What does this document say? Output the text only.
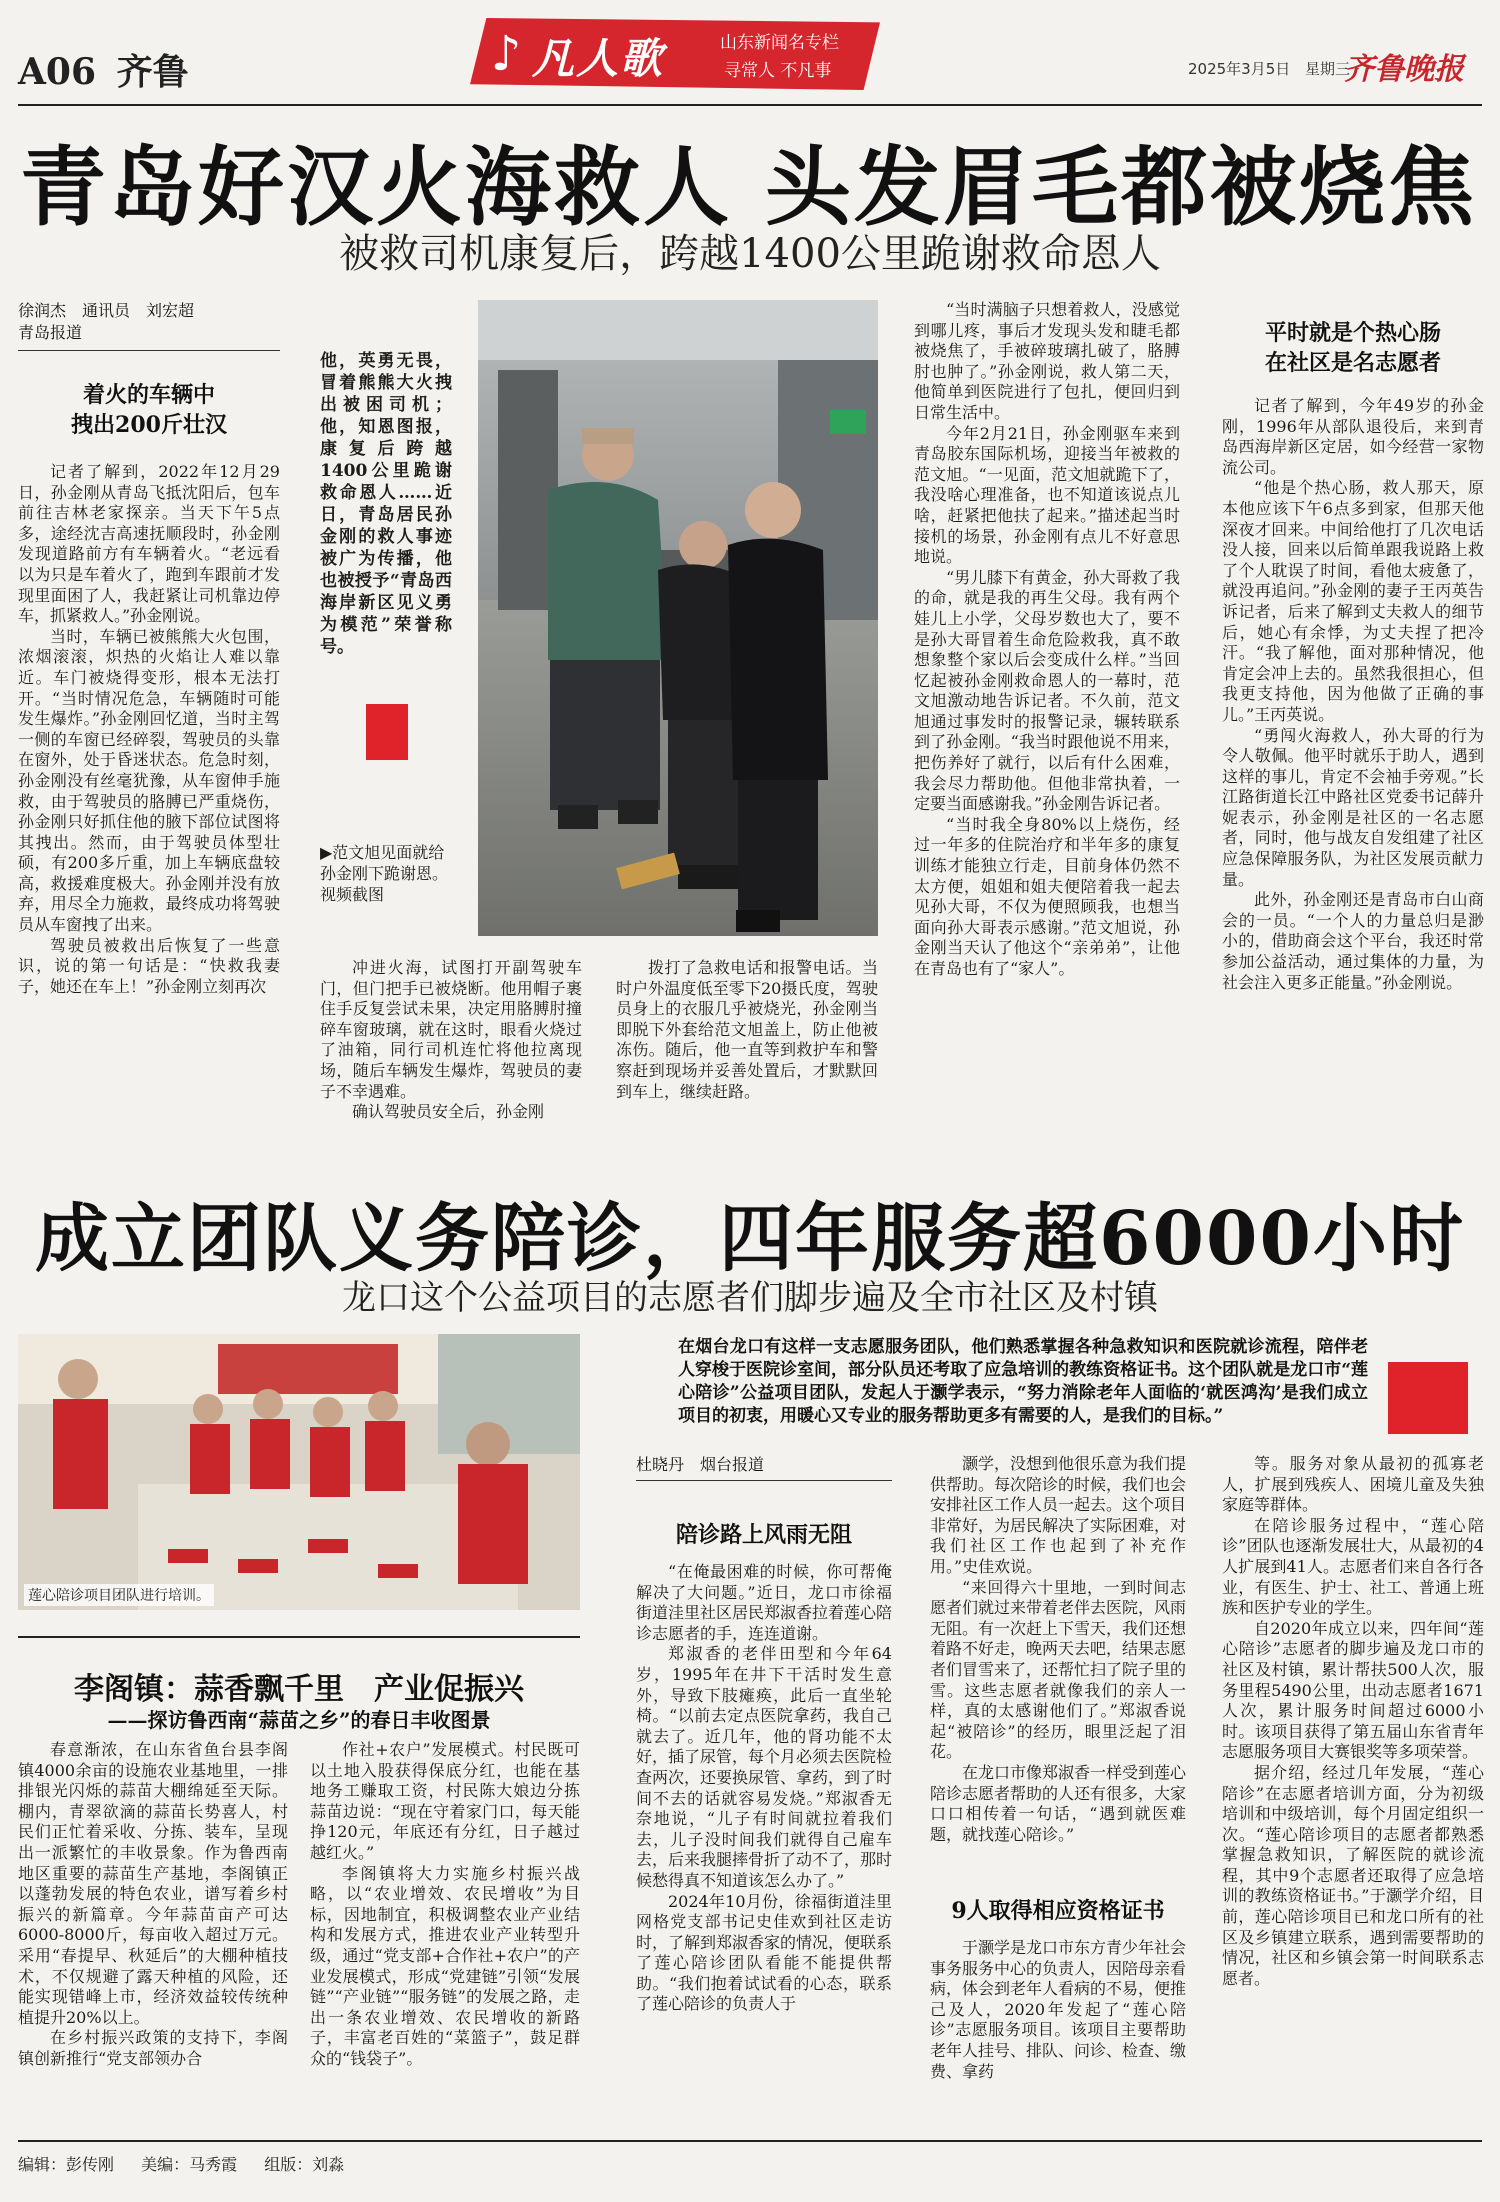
A06 齐鲁	♪ 凡人歌	山东新闻名专栏
寻常人 不凡事	2025年3月5日 星期三
齐鲁晚报
青岛好汉火海救人 头发眉毛都被烧焦
被救司机康复后，跨越1400公里跪谢救命恩人
徐润杰　通讯员　刘宏超
青岛报道
着火的车辆中
拽出200斤壮汉

记者了解到，2022年12月29日，孙金刚从青岛飞抵沈阳后，包车前往吉林老家探亲。当天下午5点多，途经沈吉高速抚顺段时，孙金刚发现道路前方有车辆着火。“老远看以为只是车着火了，跑到车跟前才发现里面困了人，我赶紧让司机靠边停车，抓紧救人。”孙金刚说。

当时，车辆已被熊熊大火包围，浓烟滚滚，炽热的火焰让人难以靠近。车门被烧得变形，根本无法打开。“当时情况危急，车辆随时可能发生爆炸。”孙金刚回忆道，当时主驾一侧的车窗已经碎裂，驾驶员的头靠在窗外，处于昏迷状态。危急时刻，孙金刚没有丝毫犹豫，从车窗伸手施救，由于驾驶员的胳膊已严重烧伤，孙金刚只好抓住他的腋下部位试图将其拽出。然而，由于驾驶员体型壮硕，有200多斤重，加上车辆底盘较高，救援难度极大。孙金刚并没有放弃，用尽全力施救，最终成功将驾驶员从车窗拽了出来。

驾驶员被救出后恢复了一些意识，说的第一句话是：“快救我妻子，她还在车上！”孙金刚立刻再次

他，英勇无畏，冒着熊熊大火拽出被困司机；他，知恩图报，康复后跨越1400公里跪谢救命恩人……近日，青岛居民孙金刚的救人事迹被广为传播，他也被授予“青岛西海岸新区见义勇为模范”荣誉称号。
▶范文旭见面就给孙金刚下跪谢恩。视频截图

冲进火海，试图打开副驾驶车门，但门把手已被烧断。他用帽子裹住手反复尝试未果，决定用胳膊肘撞碎车窗玻璃，就在这时，眼看火烧过了油箱，同行司机连忙将他拉离现场，随后车辆发生爆炸，驾驶员的妻子不幸遇难。

确认驾驶员安全后，孙金刚

拨打了急救电话和报警电话。当时户外温度低至零下20摄氏度，驾驶员身上的衣服几乎被烧光，孙金刚当即脱下外套给范文旭盖上，防止他被冻伤。随后，他一直等到救护车和警察赶到现场并妥善处置后，才默默回到车上，继续赶路。

“当时满脑子只想着救人，没感觉到哪儿疼，事后才发现头发和睫毛都被烧焦了，手被碎玻璃扎破了，胳膊肘也肿了。”孙金刚说，救人第二天，他简单到医院进行了包扎，便回归到日常生活中。

今年2月21日，孙金刚驱车来到青岛胶东国际机场，迎接当年被救的范文旭。“一见面，范文旭就跪下了，我没啥心理准备，也不知道该说点儿啥，赶紧把他扶了起来。”描述起当时接机的场景，孙金刚有点儿不好意思地说。

“男儿膝下有黄金，孙大哥救了我的命，就是我的再生父母。我有两个娃儿上小学，父母岁数也大了，要不是孙大哥冒着生命危险救我，真不敢想象整个家以后会变成什么样。”当回忆起被孙金刚救命恩人的一幕时，范文旭激动地告诉记者。不久前，范文旭通过事发时的报警记录，辗转联系到了孙金刚。“我当时跟他说不用来，把伤养好了就行，以后有什么困难，我会尽力帮助他。但他非常执着，一定要当面感谢我。”孙金刚告诉记者。

“当时我全身80%以上烧伤，经过一年多的住院治疗和半年多的康复训练才能独立行走，目前身体仍然不太方便，姐姐和姐夫便陪着我一起去见孙大哥，不仅为便照顾我，也想当面向孙大哥表示感谢。”范文旭说，孙金刚当天认了他这个“亲弟弟”，让他在青岛也有了“家人”。

平时就是个热心肠
在社区是名志愿者

记者了解到，今年49岁的孙金刚，1996年从部队退役后，来到青岛西海岸新区定居，如今经营一家物流公司。

“他是个热心肠，救人那天，原本他应该下午6点多到家，但那天他深夜才回来。中间给他打了几次电话没人接，回来以后简单跟我说路上救了个人耽误了时间，看他太疲惫了，就没再追问。”孙金刚的妻子王丙英告诉记者，后来了解到丈夫救人的细节后，她心有余悸，为丈夫捏了把冷汗。“我了解他，面对那种情况，他肯定会冲上去的。虽然我很担心，但我更支持他，因为他做了正确的事儿。”王丙英说。

“勇闯火海救人，孙大哥的行为令人敬佩。他平时就乐于助人，遇到这样的事儿，肯定不会袖手旁观。”长江路街道长江中路社区党委书记薛升妮表示，孙金刚是社区的一名志愿者，同时，他与战友自发组建了社区应急保障服务队，为社区发展贡献力量。

此外，孙金刚还是青岛市白山商会的一员。“一个人的力量总归是渺小的，借助商会这个平台，我还时常参加公益活动，通过集体的力量，为社会注入更多正能量。”孙金刚说。

成立团队义务陪诊，四年服务超6000小时
龙口这个公益项目的志愿者们脚步遍及全市社区及村镇
莲心陪诊项目团队进行培训。
在烟台龙口有这样一支志愿服务团队，他们熟悉掌握各种急救知识和医院就诊流程，陪伴老人穿梭于医院诊室间，部分队员还考取了应急培训的教练资格证书。这个团队就是龙口市“莲心陪诊”公益项目团队，发起人于灏学表示，“努力消除老年人面临的‘就医鸿沟’是我们成立项目的初衷，用暖心又专业的服务帮助更多有需要的人，是我们的目标。”
杜晓丹　烟台报道
陪诊路上风雨无阻

“在俺最困难的时候，你可帮俺解决了大问题。”近日，龙口市徐福街道洼里社区居民郑淑香拉着莲心陪诊志愿者的手，连连道谢。

郑淑香的老伴田型和今年64岁，1995年在井下干活时发生意外，导致下肢瘫痪，此后一直坐轮椅。“以前去定点医院拿药，我自己就去了。近几年，他的肾功能不太好，插了尿管，每个月必须去医院检查两次，还要换尿管、拿药，到了时间不去的话就容易发烧。”郑淑香无奈地说，“儿子有时间就拉着我们去，儿子没时间我们就得自己雇车去，后来我腿摔骨折了动不了，那时候愁得真不知道该怎么办了。”

2024年10月份，徐福街道洼里网格党支部书记史佳欢到社区走访时，了解到郑淑香家的情况，便联系了莲心陪诊团队看能不能提供帮助。“我们抱着试试看的心态，联系了莲心陪诊的负责人于

灏学，没想到他很乐意为我们提供帮助。每次陪诊的时候，我们也会安排社区工作人员一起去。这个项目非常好，为居民解决了实际困难，对我们社区工作也起到了补充作用。”史佳欢说。

“来回得六十里地，一到时间志愿者们就过来带着老伴去医院，风雨无阻。有一次赶上下雪天，我们还想着路不好走，晚两天去吧，结果志愿者们冒雪来了，还帮忙扫了院子里的雪。这些志愿者就像我们的亲人一样，真的太感谢他们了。”郑淑香说起“被陪诊”的经历，眼里泛起了泪花。

在龙口市像郑淑香一样受到莲心陪诊志愿者帮助的人还有很多，大家口口相传着一句话，“遇到就医难题，就找莲心陪诊。”

9人取得相应资格证书

于灏学是龙口市东方青少年社会事务服务中心的负责人，因陪母亲看病，体会到老年人看病的不易，便推己及人，2020年发起了“莲心陪诊”志愿服务项目。该项目主要帮助老年人挂号、排队、问诊、检查、缴费、拿药

等。服务对象从最初的孤寡老人，扩展到残疾人、困境儿童及失独家庭等群体。

在陪诊服务过程中，“莲心陪诊”团队也逐渐发展壮大，从最初的4人扩展到41人。志愿者们来自各行各业，有医生、护士、社工、普通上班族和医护专业的学生。

自2020年成立以来，四年间“莲心陪诊”志愿者的脚步遍及龙口市的社区及村镇，累计帮扶500人次，服务里程5490公里，出动志愿者1671人次，累计服务时间超过6000小时。该项目获得了第五届山东省青年志愿服务项目大赛银奖等多项荣誉。

据介绍，经过几年发展，“莲心陪诊”在志愿者培训方面，分为初级培训和中级培训，每个月固定组织一次。“莲心陪诊项目的志愿者都熟悉掌握急救知识，了解医院的就诊流程，其中9个志愿者还取得了应急培训的教练资格证书。”于灏学介绍，目前，莲心陪诊项目已和龙口所有的社区及乡镇建立联系，遇到需要帮助的情况，社区和乡镇会第一时间联系志愿者。

李阁镇：蒜香飘千里　产业促振兴
——探访鲁西南“蒜苗之乡”的春日丰收图景

春意渐浓，在山东省鱼台县李阁镇4000余亩的设施农业基地里，一排排银光闪烁的蒜苗大棚绵延至天际。棚内，青翠欲滴的蒜苗长势喜人，村民们正忙着采收、分拣、装车，呈现出一派繁忙的丰收景象。作为鲁西南地区重要的蒜苗生产基地，李阁镇正以蓬勃发展的特色农业，谱写着乡村振兴的新篇章。今年蒜苗亩产可达6000-8000斤，每亩收入超过万元。采用“春提早、秋延后”的大棚种植技术，不仅规避了露天种植的风险，还能实现错峰上市，经济效益较传统种植提升20%以上。

在乡村振兴政策的支持下，李阁镇创新推行“党支部领办合

作社+农户”发展模式。村民既可以土地入股获得保底分红，也能在基地务工赚取工资，村民陈大娘边分拣蒜苗边说：“现在守着家门口，每天能挣120元，年底还有分红，日子越过越红火。”

李阁镇将大力实施乡村振兴战略，以“农业增效、农民增收”为目标，因地制宜，积极调整农业产业结构和发展方式，推进农业产业转型升级，通过“党支部+合作社+农户”的产业发展模式，形成“党建链”引领“发展链”“产业链”“服务链”的发展之路，走出一条农业增效、农民增收的新路子，丰富老百姓的“菜篮子”，鼓足群众的“钱袋子”。

编辑：彭传刚 美编：马秀霞 组版：刘淼
